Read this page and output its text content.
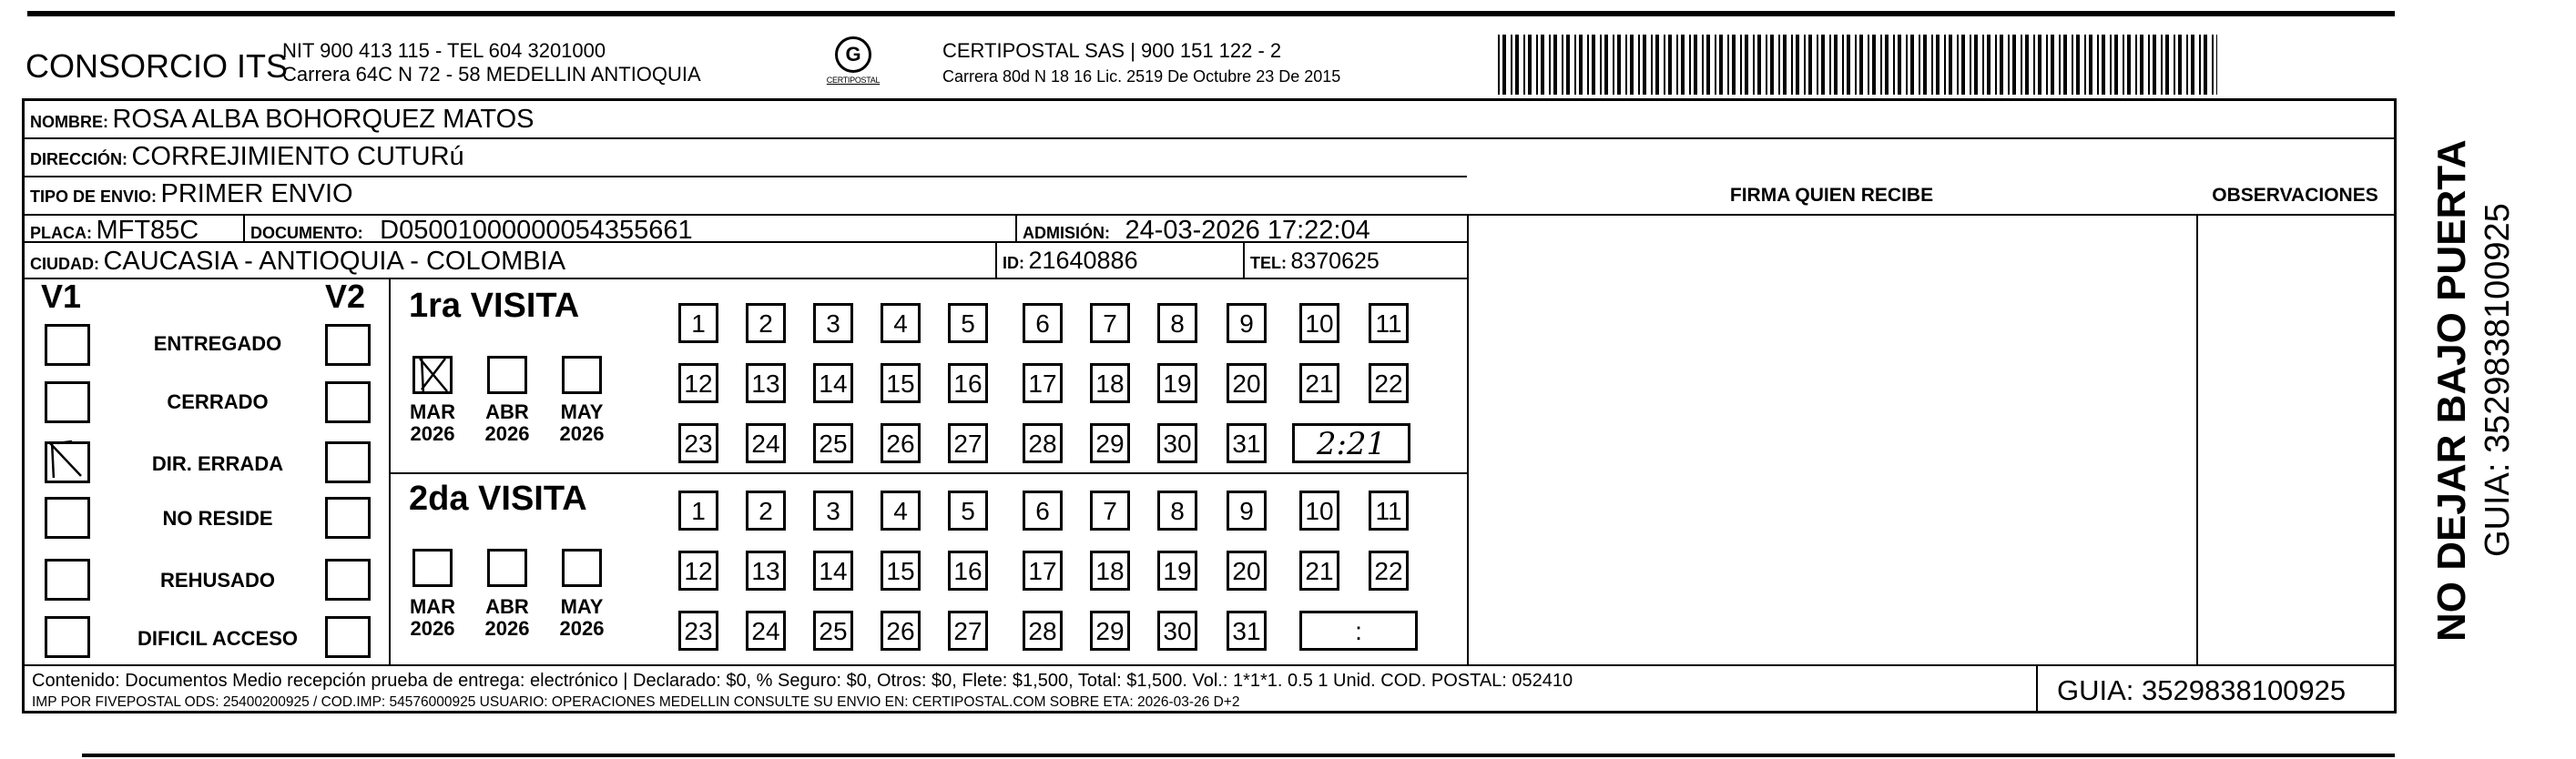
CONSORCIO ITS
NIT 900 413 115 - TEL 604 3201000
Carrera 64C N 72 - 58 MEDELLIN ANTIOQUIA
G
CERTIPOSTAL
CERTIPOSTAL SAS | 900 151 122 - 2
Carrera 80d N 18 16 Lic. 2519 De Octubre 23 De 2015
NOMBRE: ROSA ALBA BOHORQUEZ MATOS
DIRECCIÓN: CORREJIMIENTO CUTURú
TIPO DE ENVIO: PRIMER ENVIO	FIRMA QUIEN RECIBE	OBSERVACIONES
PLACA: MFT85C	DOCUMENTO: D05001000000054355661	ADMISIÓN: 24-03-2026 17:22:04
CIUDAD: CAUCASIA - ANTIOQUIA - COLOMBIA	ID: 21640886	TEL: 8370625
V1	V2
ENTREGADO
CERRADO
DIR. ERRADA
NO RESIDE
REHUSADO
DIFICIL ACCESO
1ra VISITA
MAR
2026
ABR
2026
MAY
2026
1	2	3	4	5	6	7	8	9	10 11
12 13 14 15 16 17 18 19 20 21 22
23 24 25 26 27 28 29 30 31	2:21
2da VISITA
MAR
2026
ABR
2026
MAY
2026
1	2	3	4	5	6	7	8	9	10 11
12 13 14 15 16 17 18 19 20 21 22
23 24 25 26 27 28 29 30 31	:
Contenido: Documentos Medio recepción prueba de entrega: electrónico | Declarado: $0, % Seguro: $0, Otros: $0, Flete: $1,500, Total: $1,500. Vol.: 1*1*1. 0.5 1 Unid. COD. POSTAL: 052410
IMP POR FIVEPOSTAL ODS: 25400200925 / COD.IMP: 54576000925 USUARIO: OPERACIONES MEDELLIN CONSULTE SU ENVIO EN: CERTIPOSTAL.COM SOBRE ETA: 2026-03-26 D+2	GUIA: 3529838100925
NO DEJAR BAJO PUERTA GUIA: 3529838100925
